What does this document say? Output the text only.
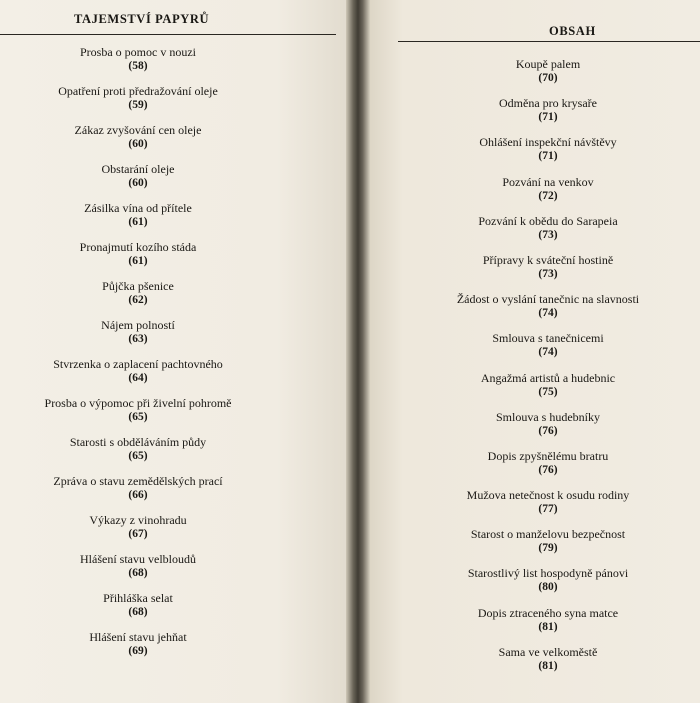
TAJEMSTVÍ PAPYRŮ
Prosba o pomoc v nouzi
(58)
Opatření proti předražování oleje
(59)
Zákaz zvyšování cen oleje
(60)
Obstarání oleje
(60)
Zásilka vína od přítele
(61)
Pronajmutí kozího stáda
(61)
Půjčka pšenice
(62)
Nájem polností
(63)
Stvrzenka o zaplacení pachtovného
(64)
Prosba o výpomoc při živelní pohromě
(65)
Starosti s obděláváním půdy
(65)
Zpráva o stavu zemědělských prací
(66)
Výkazy z vinohradu
(67)
Hlášení stavu velbloudů
(68)
Přihláška selat
(68)
Hlášení stavu jehňat
(69)
OBSAH
Koupě palem
(70)
Odměna pro krysaře
(71)
Ohlášení inspekční návštěvy
(71)
Pozvání na venkov
(72)
Pozvání k obědu do Sarapeia
(73)
Přípravy k sváteční hostině
(73)
Žádost o vyslání tanečnic na slavnosti
(74)
Smlouva s tanečnicemi
(74)
Angažmá artistů a hudebnic
(75)
Smlouva s hudebníky
(76)
Dopis zpyšnělému bratru
(76)
Mužova netečnost k osudu rodiny
(77)
Starost o manželovu bezpečnost
(79)
Starostlivý list hospodyně pánovi
(80)
Dopis ztraceného syna matce
(81)
Sama ve velkoměstě
(81)
